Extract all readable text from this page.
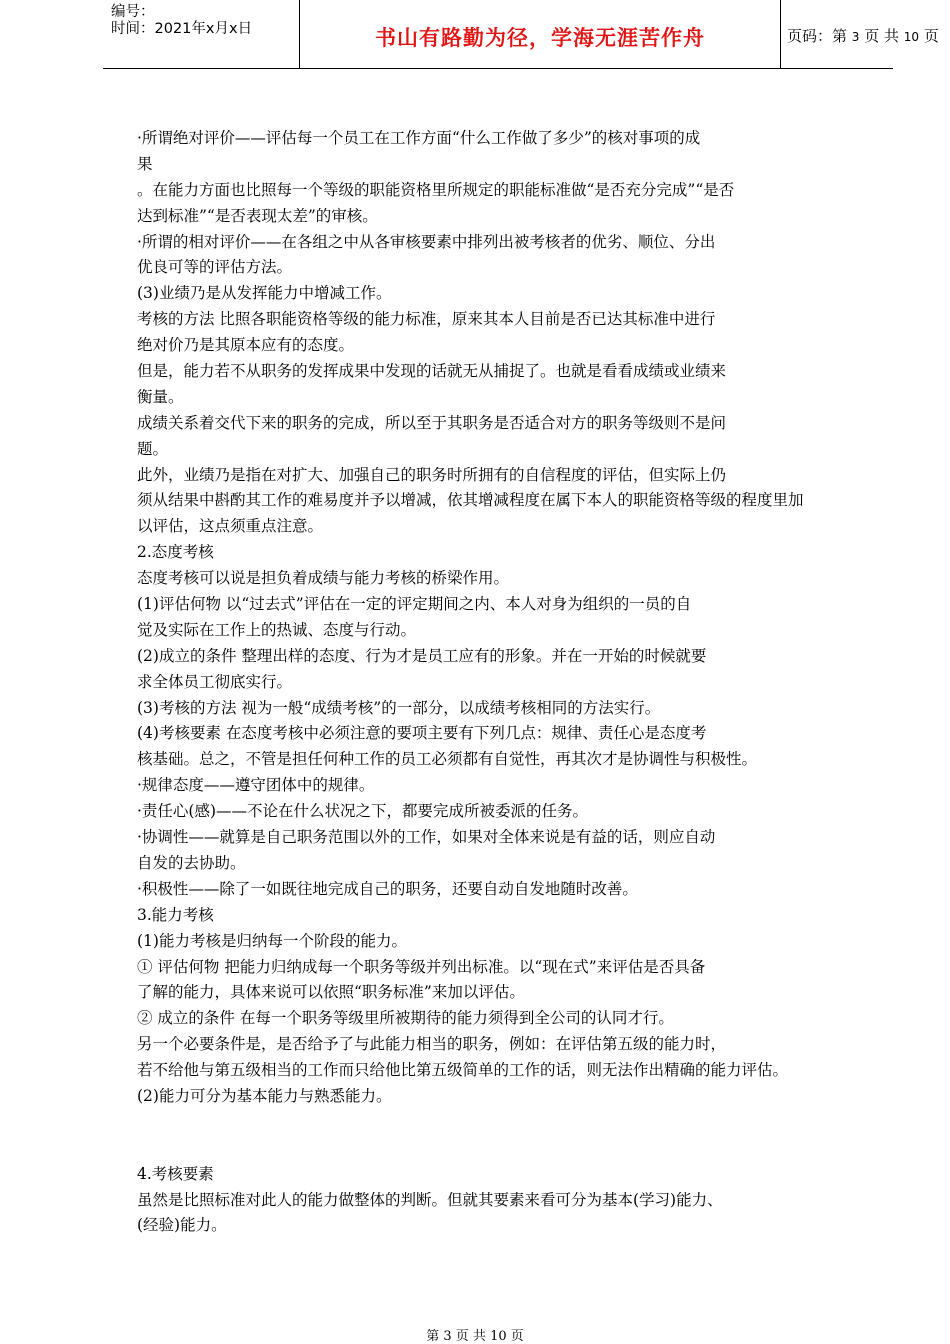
编号：
时间：2021年x月x日	书山有路勤为径，学海无涯苦作舟	页码：第 3 页 共 10 页
·所谓绝对评价——评估每一个员工在工作方面“什么工作做了多少”的核对事项的成
果
。在能力方面也比照每一个等级的职能资格里所规定的职能标准做“是否充分完成”“是否
达到标准”“是否表现太差”的审核。
·所谓的相对评价——在各组之中从各审核要素中排列出被考核者的优劣、顺位、分出
优良可等的评估方法。
(3)业绩乃是从发挥能力中增减工作。
考核的方法 比照各职能资格等级的能力标准，原来其本人目前是否已达其标准中进行
绝对价乃是其原本应有的态度。
但是，能力若不从职务的发挥成果中发现的话就无从捕捉了。也就是看看成绩或业绩来
衡量。
成绩关系着交代下来的职务的完成，所以至于其职务是否适合对方的职务等级则不是问
题。
此外，业绩乃是指在对扩大、加强自己的职务时所拥有的自信程度的评估，但实际上仍
须从结果中斟酌其工作的难易度并予以增减，依其增减程度在属下本人的职能资格等级的程度里加
以评估，这点须重点注意。
2.态度考核
态度考核可以说是担负着成绩与能力考核的桥梁作用。
(1)评估何物 以“过去式”评估在一定的评定期间之内、本人对身为组织的一员的自
觉及实际在工作上的热诚、态度与行动。
(2)成立的条件 整理出样的态度、行为才是员工应有的形象。并在一开始的时候就要
求全体员工彻底实行。
(3)考核的方法 视为一般“成绩考核”的一部分，以成绩考核相同的方法实行。
(4)考核要素 在态度考核中必须注意的要项主要有下列几点：规律、责任心是态度考
核基础。总之，不管是担任何种工作的员工必须都有自觉性，再其次才是协调性与积极性。
·规律态度——遵守团体中的规律。
·责任心(感)——不论在什么状况之下，都要完成所被委派的任务。
·协调性——就算是自己职务范围以外的工作，如果对全体来说是有益的话，则应自动
自发的去协助。
·积极性——除了一如既往地完成自己的职务，还要自动自发地随时改善。
3.能力考核
(1)能力考核是归纳每一个阶段的能力。
① 评估何物 把能力归纳成每一个职务等级并列出标准。以“现在式”来评估是否具备
了解的能力，具体来说可以依照“职务标准”来加以评估。
② 成立的条件 在每一个职务等级里所被期待的能力须得到全公司的认同才行。
另一个必要条件是，是否给予了与此能力相当的职务，例如：在评估第五级的能力时，
若不给他与第五级相当的工作而只给他比第五级简单的工作的话，则无法作出精确的能力评估。
(2)能力可分为基本能力与熟悉能力。
4.考核要素
虽然是比照标准对此人的能力做整体的判断。但就其要素来看可分为基本(学习)能力、
(经验)能力。
第 3 页 共 10 页
